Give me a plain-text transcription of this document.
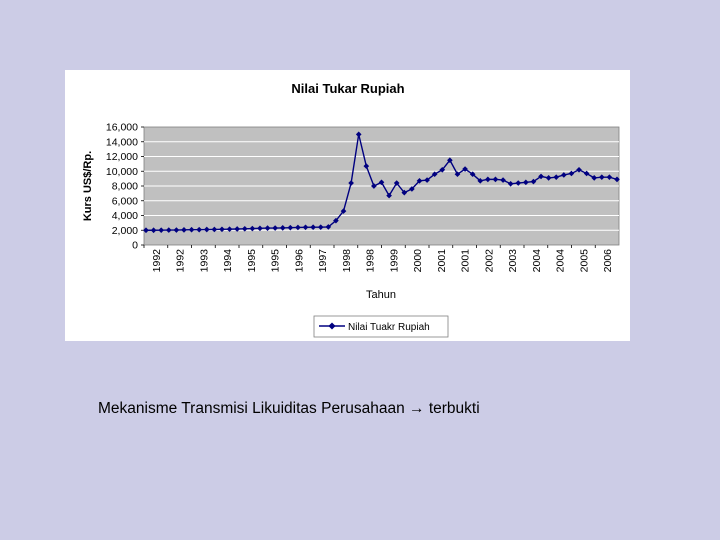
Nilai Tukar Rupiah
0
2,000
4,000
6,000
8,000
10,000
12,000
14,000
16,000
1992 1992 1993 1994 1995 1995 1996 1997 1998 1998 1999 2000 2001 2001 2002 2003 2004 2004 2005 2006
Kurs US$/Rp.
Tahun
Nilai Tuakr Rupiah
Mekanisme Transmisi Likuiditas Perusahaan → terbukti
